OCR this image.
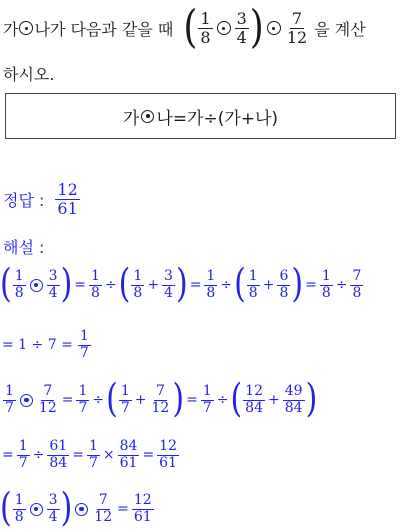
가 나가 다음과 같을 때 ( $\frac{1}{8} \frac{3}{4}$ ) $\frac{7}{12}$ 을 계산
하시오.
가 나 =가÷(가+나)
정답 : $\frac{12}{61}$
해설 :
( $\frac{1}{8} \frac{3}{4}$ ) = $\frac{1}{8}$ ÷ ( $\frac{1}{8} + \frac{3}{4}$ ) = $\frac{1}{8}$ ÷ ( $\frac{1}{8} + \frac{6}{8}$ ) = $\frac{1}{8} \div \frac{7}{8}$
= $1 \div 7 = \frac{1}{7}$
$\frac{1}{7} \frac{7}{12} = \frac{1}{7}$ ÷ ( $\frac{1}{7} + \frac{7}{12}$ ) = $\frac{1}{7}$ ÷ ( $\frac{12}{84} + \frac{49}{84}$ )
= $\frac{1}{7} \div \frac{61}{84} = \frac{1}{7} \times \frac{84}{61} = \frac{12}{61}$
( $\frac{1}{8} \frac{3}{4}$ ) $\frac{7}{12} = \frac{12}{61}$
